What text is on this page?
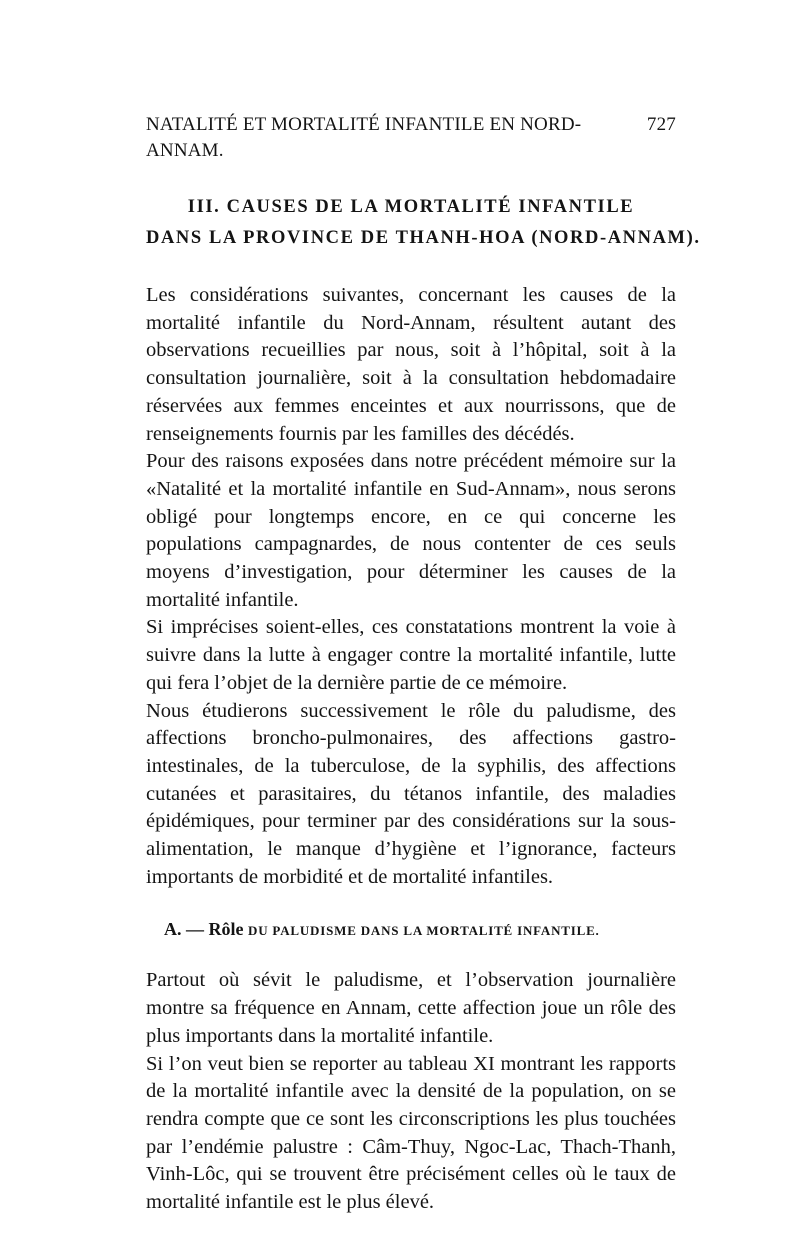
NATALITÉ ET MORTALITÉ INFANTILE EN NORD-ANNAM.
727
III. CAUSES DE LA MORTALITÉ INFANTILE
DANS LA PROVINCE DE THANH-HOA (NORD-ANNAM).

Les considérations suivantes, concernant les causes de la mortalité infantile du Nord-Annam, résultent autant des observations recueillies par nous, soit à l’hôpital, soit à la consultation journalière, soit à la consultation hebdomadaire réservées aux femmes enceintes et aux nourrissons, que de renseignements fournis par les familles des décédés.

Pour des raisons exposées dans notre précédent mémoire sur la «Natalité et la mortalité infantile en Sud-Annam», nous serons obligé pour longtemps encore, en ce qui concerne les populations campagnardes, de nous contenter de ces seuls moyens d’investigation, pour déterminer les causes de la mortalité infantile.

Si imprécises soient-elles, ces constatations montrent la voie à suivre dans la lutte à engager contre la mortalité infantile, lutte qui fera l’objet de la dernière partie de ce mémoire.

Nous étudierons successivement le rôle du paludisme, des affections broncho-pulmonaires, des affections gastro-intestinales, de la tuberculose, de la syphilis, des affections cutanées et parasitaires, du tétanos infantile, des maladies épidémiques, pour terminer par des considérations sur la sous-alimentation, le manque d’hygiène et l’ignorance, facteurs importants de morbidité et de mortalité infantiles.

A. — Rôle DU PALUDISME DANS LA MORTALITÉ INFANTILE.

Partout où sévit le paludisme, et l’observation journalière montre sa fréquence en Annam, cette affection joue un rôle des plus importants dans la mortalité infantile.

Si l’on veut bien se reporter au tableau XI montrant les rapports de la mortalité infantile avec la densité de la population, on se rendra compte que ce sont les circonscriptions les plus touchées par l’endémie palustre : Câm-Thuy, Ngoc-Lac, Thach-Thanh, Vinh-Lôc, qui se trouvent être précisément celles où le taux de mortalité infantile est le plus élevé.
